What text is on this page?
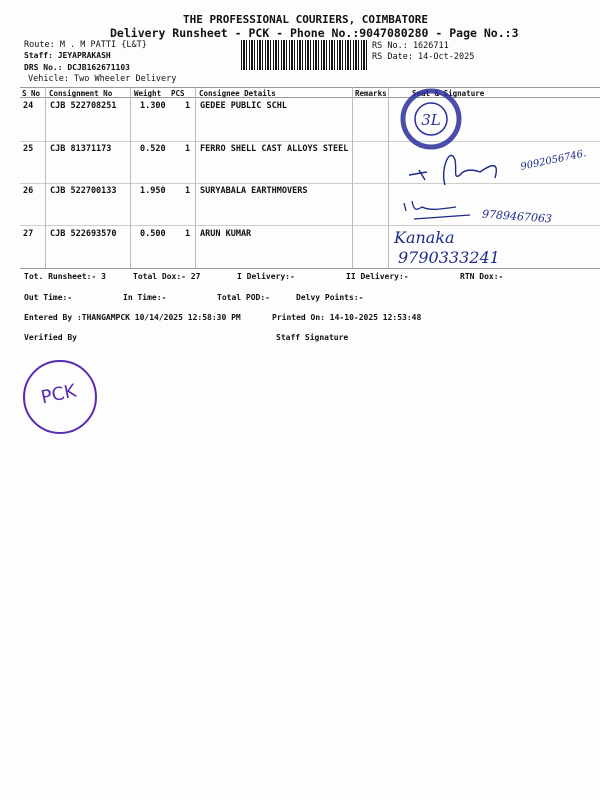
THE PROFESSIONAL COURIERS, COIMBATORE
Delivery Runsheet - PCK - Phone No.:9047080280 - Page No.:3
Route: M . M PATTI {L&T}
Staff: JEYAPRAKASH
DRS No.: DCJB162671103
Vehicle: Two Wheeler Delivery
RS No.: 1626711
RS Date: 14-Oct-2025
S No Consignment No	Weight PCS Consignee Details	Remarks	Seal & Signature
24 CJB 522708251	1.300 1 GEDEE PUBLIC SCHL
25 CJB 81371173	0.520 1 FERRO SHELL CAST ALLOYS STEEL
26 CJB 522700133	1.950 1 SURYABALA EARTHMOVERS
27 CJB 522693570	0.500 1 ARUN KUMAR
3L
9092056746.
9789467063
Kanaka
9790333241
Tot. Runsheet:- 3	Total Dox:- 27	I Delivery:-	II Delivery:-	RTN Dox:-
Out Time:-	In Time:-	Total POD:-	Delvy Points:-
Entered By :THANGAMPCK 10/14/2025 12:58:30 PM	Printed On: 14-10-2025 12:53:48
Verified By	Staff Signature
PCK
